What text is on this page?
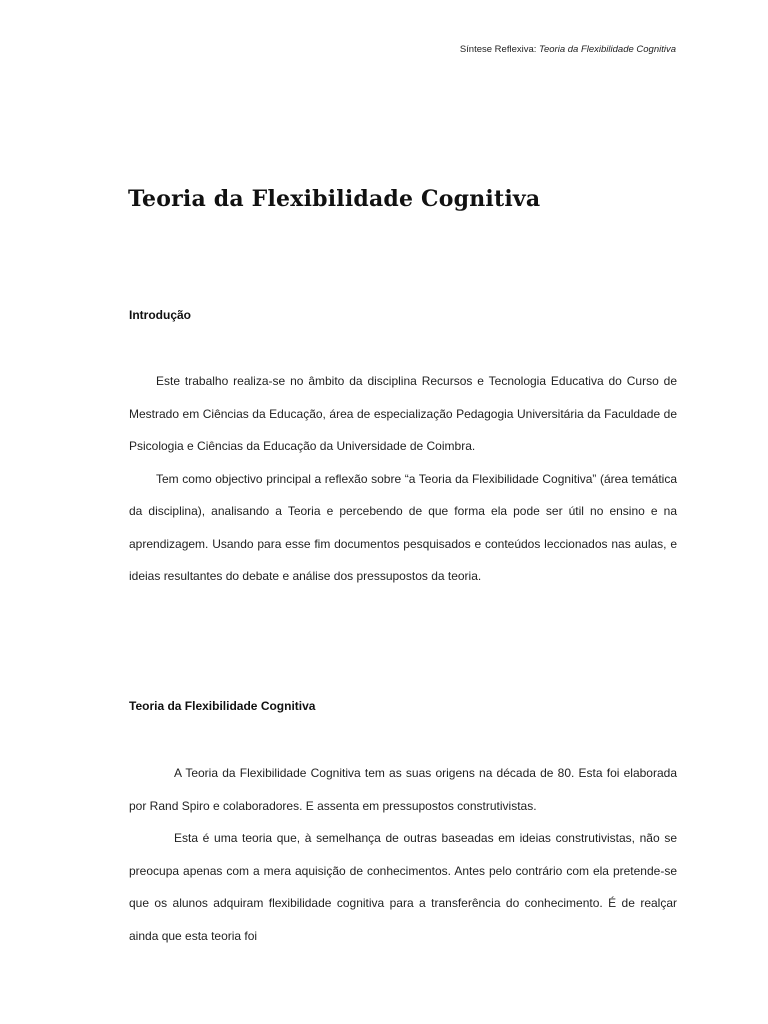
Síntese Reflexiva: Teoria da Flexibilidade Cognitiva
Teoria da Flexibilidade Cognitiva
Introdução

Este trabalho realiza-se no âmbito da disciplina Recursos e Tecnologia Educativa do Curso de Mestrado em Ciências da Educação, área de especialização Pedagogia Universitária da Faculdade de Psicologia e Ciências da Educação da Universidade de Coimbra.

Tem como objectivo principal a reflexão sobre “a Teoria da Flexibilidade Cognitiva” (área temática da disciplina), analisando a Teoria e percebendo de que forma ela pode ser útil no ensino e na aprendizagem. Usando para esse fim documentos pesquisados e conteúdos leccionados nas aulas, e ideias resultantes do debate e análise dos pressupostos da teoria.

Teoria da Flexibilidade Cognitiva

A Teoria da Flexibilidade Cognitiva tem as suas origens na década de 80. Esta foi elaborada por Rand Spiro e colaboradores. E assenta em pressupostos construtivistas.

Esta é uma teoria que, à semelhança de outras baseadas em ideias construtivistas, não se preocupa apenas com a mera aquisição de conhecimentos. Antes pelo contrário com ela pretende-se que os alunos adquiram flexibilidade cognitiva para a transferência do conhecimento. É de realçar ainda que esta teoria foi
